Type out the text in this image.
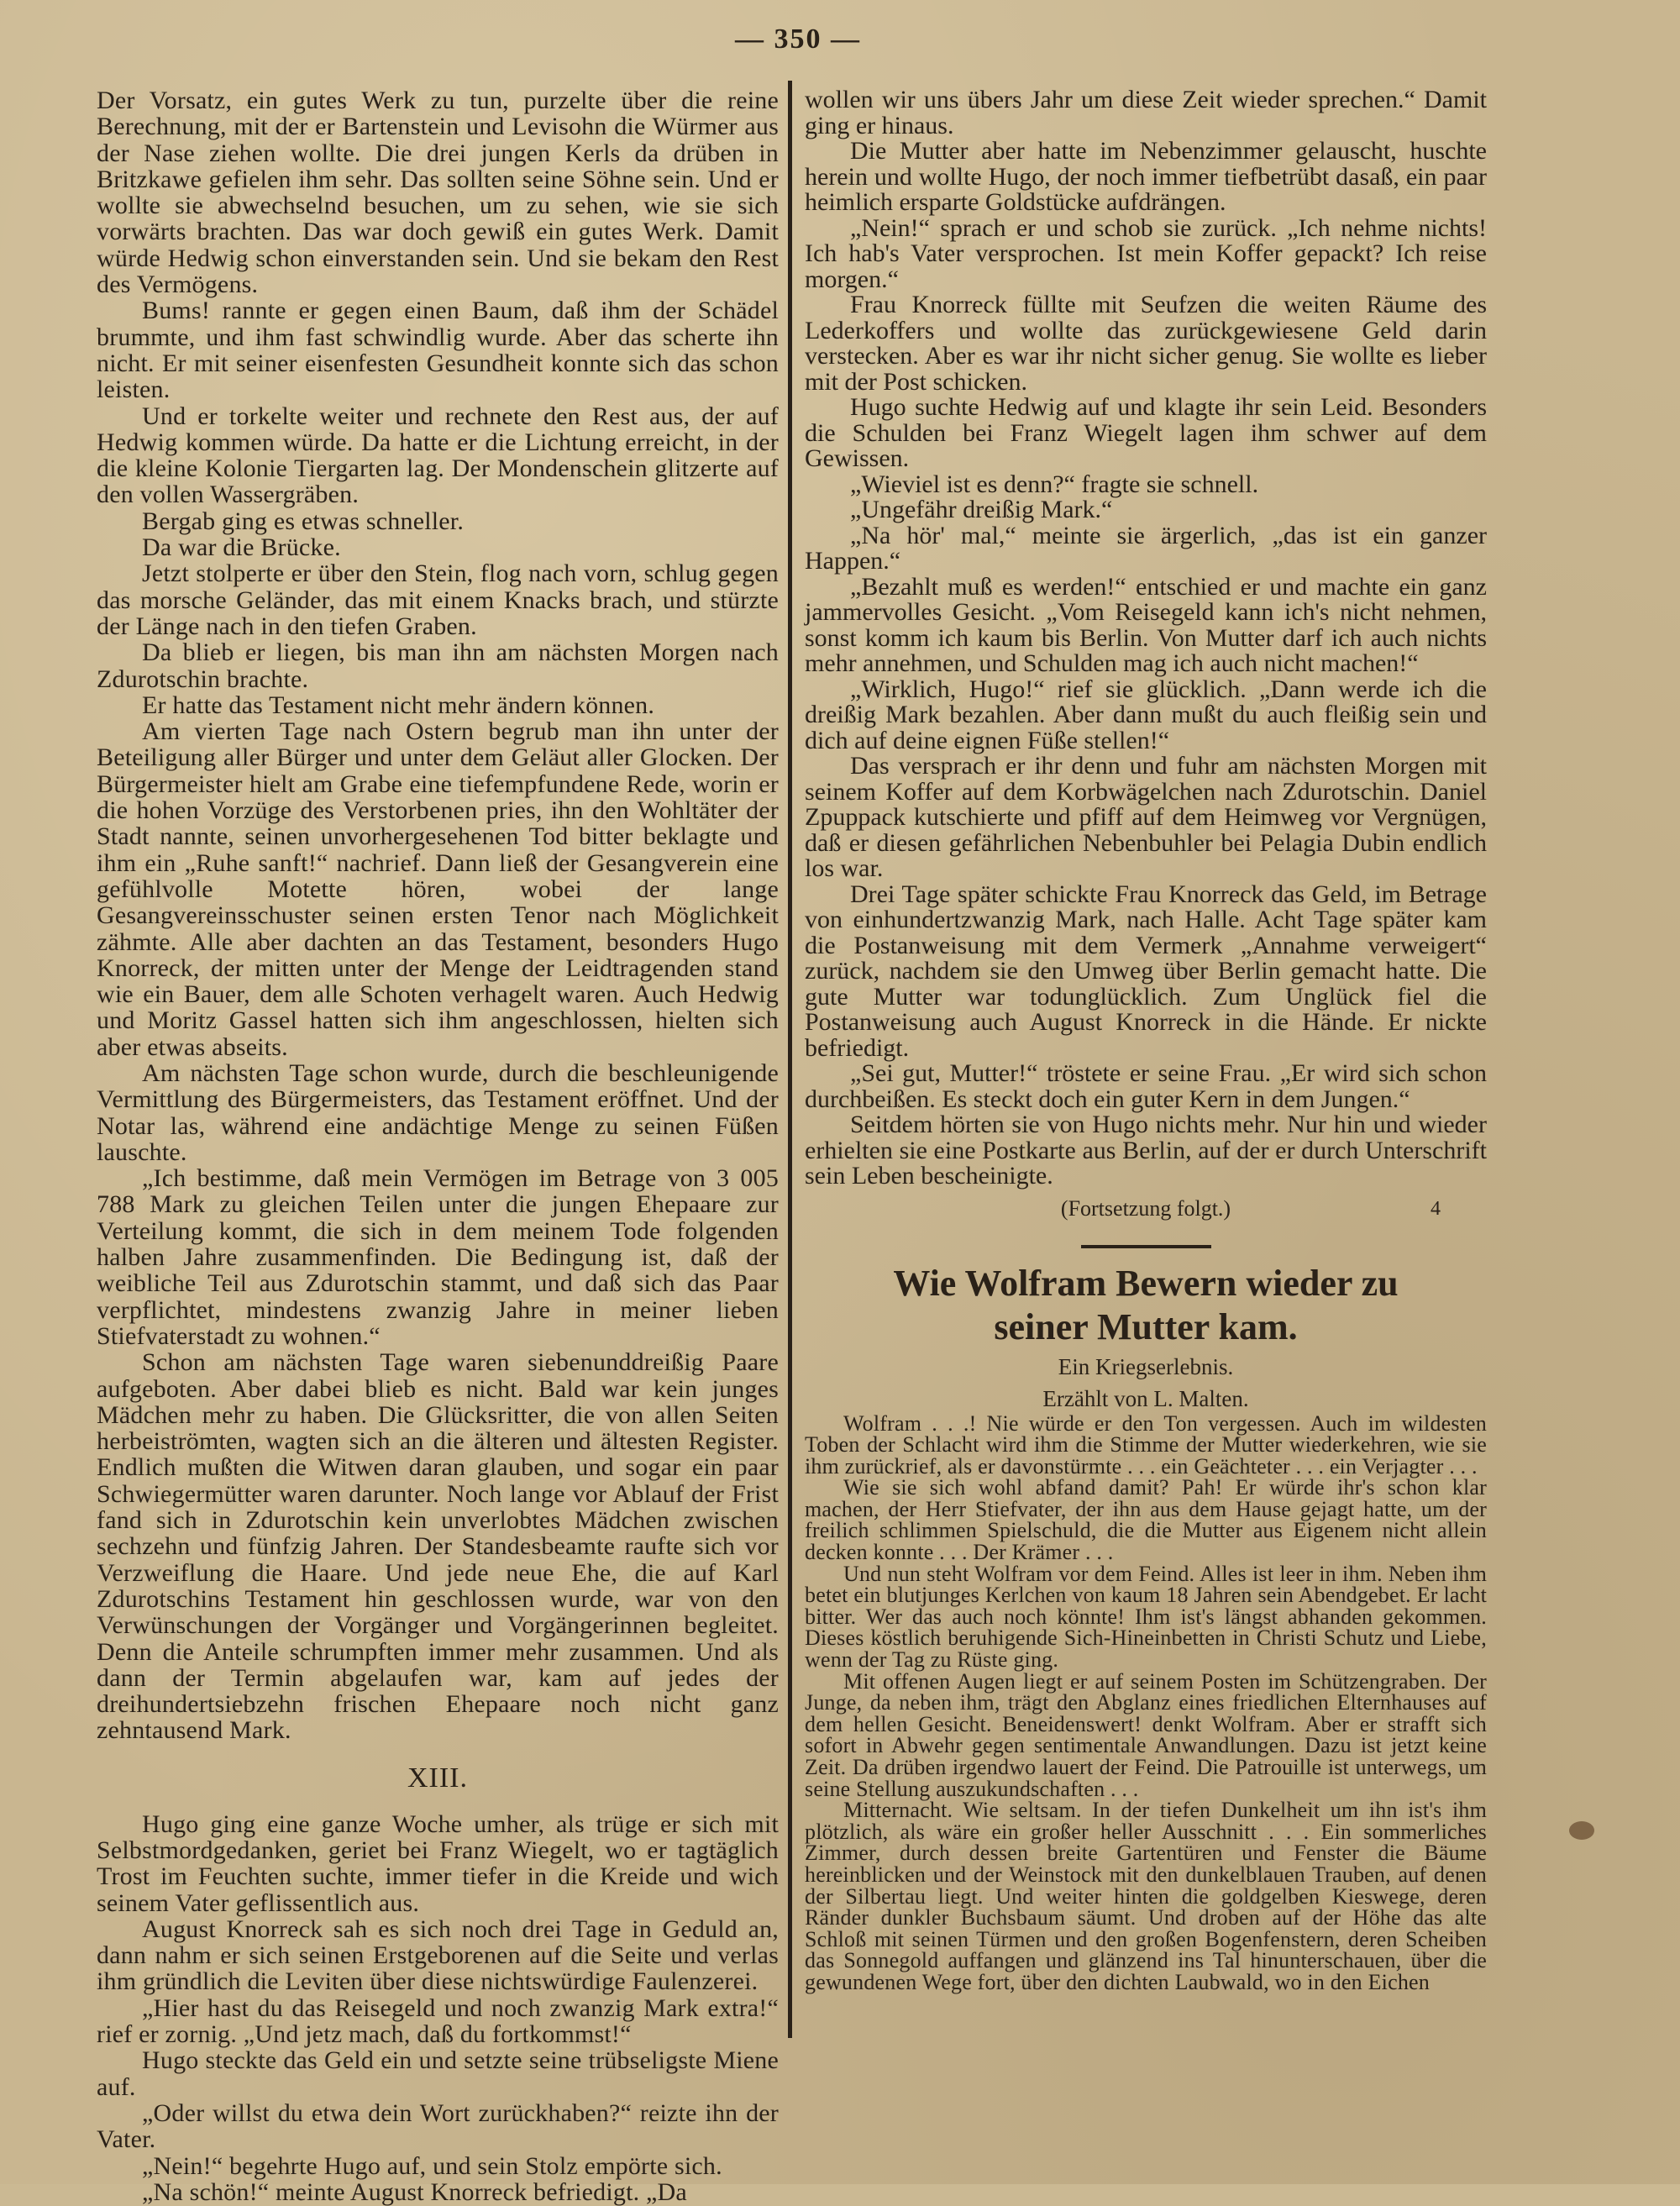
— 350 —

Der Vorsatz, ein gutes Werk zu tun, purzelte über die reine Berechnung, mit der er Bartenstein und Levisohn die Würmer aus der Nase ziehen wollte. Die drei jungen Kerls da drüben in Britzkawe gefielen ihm sehr. Das sollten seine Söhne sein. Und er wollte sie abwechselnd besuchen, um zu sehen, wie sie sich vorwärts brachten. Das war doch gewiß ein gutes Werk. Damit würde Hedwig schon einverstanden sein. Und sie bekam den Rest des Vermögens.

Bums! rannte er gegen einen Baum, daß ihm der Schädel brummte, und ihm fast schwindlig wurde. Aber das scherte ihn nicht. Er mit seiner eisenfesten Gesundheit konnte sich das schon leisten.

Und er torkelte weiter und rechnete den Rest aus, der auf Hedwig kommen würde. Da hatte er die Lichtung erreicht, in der die kleine Kolonie Tiergarten lag. Der Mondenschein glitzerte auf den vollen Wassergräben.

Bergab ging es etwas schneller.

Da war die Brücke.

Jetzt stolperte er über den Stein, flog nach vorn, schlug gegen das morsche Geländer, das mit einem Knacks brach, und stürzte der Länge nach in den tiefen Graben.

Da blieb er liegen, bis man ihn am nächsten Morgen nach Zdurotschin brachte.

Er hatte das Testament nicht mehr ändern können.

Am vierten Tage nach Ostern begrub man ihn unter der Beteiligung aller Bürger und unter dem Geläut aller Glocken. Der Bürgermeister hielt am Grabe eine tiefempfundene Rede, worin er die hohen Vorzüge des Verstorbenen pries, ihn den Wohltäter der Stadt nannte, seinen unvorhergesehenen Tod bitter beklagte und ihm ein „Ruhe sanft!“ nachrief. Dann ließ der Gesangverein eine gefühlvolle Motette hören, wobei der lange Gesangvereinsschuster seinen ersten Tenor nach Möglichkeit zähmte. Alle aber dachten an das Testament, besonders Hugo Knorreck, der mitten unter der Menge der Leidtragenden stand wie ein Bauer, dem alle Schoten verhagelt waren. Auch Hedwig und Moritz Gassel hatten sich ihm angeschlossen, hielten sich aber etwas abseits.

Am nächsten Tage schon wurde, durch die beschleunigende Vermittlung des Bürgermeisters, das Testament eröffnet. Und der Notar las, während eine andächtige Menge zu seinen Füßen lauschte.

„Ich bestimme, daß mein Vermögen im Betrage von 3 005 788 Mark zu gleichen Teilen unter die jungen Ehepaare zur Verteilung kommt, die sich in dem meinem Tode folgenden halben Jahre zusammenfinden. Die Bedingung ist, daß der weibliche Teil aus Zdurotschin stammt, und daß sich das Paar verpflichtet, mindestens zwanzig Jahre in meiner lieben Stiefvaterstadt zu wohnen.“

Schon am nächsten Tage waren siebenunddreißig Paare aufgeboten. Aber dabei blieb es nicht. Bald war kein junges Mädchen mehr zu haben. Die Glücksritter, die von allen Seiten herbeiströmten, wagten sich an die älteren und ältesten Register. Endlich mußten die Witwen daran glauben, und sogar ein paar Schwiegermütter waren darunter. Noch lange vor Ablauf der Frist fand sich in Zdurotschin kein unverlobtes Mädchen zwischen sechzehn und fünfzig Jahren. Der Standesbeamte raufte sich vor Verzweiflung die Haare. Und jede neue Ehe, die auf Karl Zdurotschins Testament hin geschlossen wurde, war von den Verwünschungen der Vorgänger und Vorgängerinnen begleitet. Denn die Anteile schrumpften immer mehr zusammen. Und als dann der Termin abgelaufen war, kam auf jedes der dreihundertsiebzehn frischen Ehepaare noch nicht ganz zehntausend Mark.

XIII.

Hugo ging eine ganze Woche umher, als trüge er sich mit Selbstmordgedanken, geriet bei Franz Wiegelt, wo er tagtäglich Trost im Feuchten suchte, immer tiefer in die Kreide und wich seinem Vater geflissentlich aus.

August Knorreck sah es sich noch drei Tage in Geduld an, dann nahm er sich seinen Erstgeborenen auf die Seite und verlas ihm gründlich die Leviten über diese nichtswürdige Faulenzerei.

„Hier hast du das Reisegeld und noch zwanzig Mark extra!“ rief er zornig. „Und jetz mach, daß du fortkommst!“

Hugo steckte das Geld ein und setzte seine trübseligste Miene auf.

„Oder willst du etwa dein Wort zurückhaben?“ reizte ihn der Vater.

„Nein!“ begehrte Hugo auf, und sein Stolz empörte sich.

„Na schön!“ meinte August Knorreck befriedigt. „Da

wollen wir uns übers Jahr um diese Zeit wieder sprechen.“ Damit ging er hinaus.

Die Mutter aber hatte im Nebenzimmer gelauscht, huschte herein und wollte Hugo, der noch immer tiefbetrübt dasaß, ein paar heimlich ersparte Goldstücke aufdrängen.

„Nein!“ sprach er und schob sie zurück. „Ich nehme nichts! Ich hab's Vater versprochen. Ist mein Koffer gepackt? Ich reise morgen.“

Frau Knorreck füllte mit Seufzen die weiten Räume des Lederkoffers und wollte das zurückgewiesene Geld darin verstecken. Aber es war ihr nicht sicher genug. Sie wollte es lieber mit der Post schicken.

Hugo suchte Hedwig auf und klagte ihr sein Leid. Besonders die Schulden bei Franz Wiegelt lagen ihm schwer auf dem Gewissen.

„Wieviel ist es denn?“ fragte sie schnell.

„Ungefähr dreißig Mark.“

„Na hör' mal,“ meinte sie ärgerlich, „das ist ein ganzer Happen.“

„Bezahlt muß es werden!“ entschied er und machte ein ganz jammervolles Gesicht. „Vom Reisegeld kann ich's nicht nehmen, sonst komm ich kaum bis Berlin. Von Mutter darf ich auch nichts mehr annehmen, und Schulden mag ich auch nicht machen!“

„Wirklich, Hugo!“ rief sie glücklich. „Dann werde ich die dreißig Mark bezahlen. Aber dann mußt du auch fleißig sein und dich auf deine eignen Füße stellen!“

Das versprach er ihr denn und fuhr am nächsten Morgen mit seinem Koffer auf dem Korbwägelchen nach Zdurotschin. Daniel Zpuppack kutschierte und pfiff auf dem Heimweg vor Vergnügen, daß er diesen gefährlichen Nebenbuhler bei Pelagia Dubin endlich los war.

Drei Tage später schickte Frau Knorreck das Geld, im Betrage von einhundertzwanzig Mark, nach Halle. Acht Tage später kam die Postanweisung mit dem Vermerk „Annahme verweigert“ zurück, nachdem sie den Umweg über Berlin gemacht hatte. Die gute Mutter war todunglücklich. Zum Unglück fiel die Postanweisung auch August Knorreck in die Hände. Er nickte befriedigt.

„Sei gut, Mutter!“ tröstete er seine Frau. „Er wird sich schon durchbeißen. Es steckt doch ein guter Kern in dem Jungen.“

Seitdem hörten sie von Hugo nichts mehr. Nur hin und wieder erhielten sie eine Postkarte aus Berlin, auf der er durch Unterschrift sein Leben bescheinigte.

(Fortsetzung folgt.)	4
Wie Wolfram Bewern wieder zu
seiner Mutter kam.
Ein Kriegserlebnis.
Erzählt von L. Malten.

Wolfram . . .! Nie würde er den Ton vergessen. Auch im wildesten Toben der Schlacht wird ihm die Stimme der Mutter wiederkehren, wie sie ihm zurückrief, als er davonstürmte . . . ein Geächteter . . . ein Verjagter . . .

Wie sie sich wohl abfand damit? Pah! Er würde ihr's schon klar machen, der Herr Stiefvater, der ihn aus dem Hause gejagt hatte, um der freilich schlimmen Spielschuld, die die Mutter aus Eigenem nicht allein decken konnte . . . Der Krämer . . .

Und nun steht Wolfram vor dem Feind. Alles ist leer in ihm. Neben ihm betet ein blutjunges Kerlchen von kaum 18 Jahren sein Abendgebet. Er lacht bitter. Wer das auch noch könnte! Ihm ist's längst abhanden gekommen. Dieses köstlich beruhigende Sich-Hineinbetten in Christi Schutz und Liebe, wenn der Tag zu Rüste ging.

Mit offenen Augen liegt er auf seinem Posten im Schützengraben. Der Junge, da neben ihm, trägt den Abglanz eines friedlichen Elternhauses auf dem hellen Gesicht. Beneidenswert! denkt Wolfram. Aber er strafft sich sofort in Abwehr gegen sentimentale Anwandlungen. Dazu ist jetzt keine Zeit. Da drüben irgendwo lauert der Feind. Die Patrouille ist unterwegs, um seine Stellung auszukundschaften . . .

Mitternacht. Wie seltsam. In der tiefen Dunkelheit um ihn ist's ihm plötzlich, als wäre ein großer heller Ausschnitt . . . Ein sommerliches Zimmer, durch dessen breite Gartentüren und Fenster die Bäume hereinblicken und der Weinstock mit den dunkelblauen Trauben, auf denen der Silbertau liegt. Und weiter hinten die goldgelben Kieswege, deren Ränder dunkler Buchsbaum säumt. Und droben auf der Höhe das alte Schloß mit seinen Türmen und den großen Bogenfenstern, deren Scheiben das Sonnegold auffangen und glänzend ins Tal hinunterschauen, über die gewundenen Wege fort, über den dichten Laubwald, wo in den Eichen
